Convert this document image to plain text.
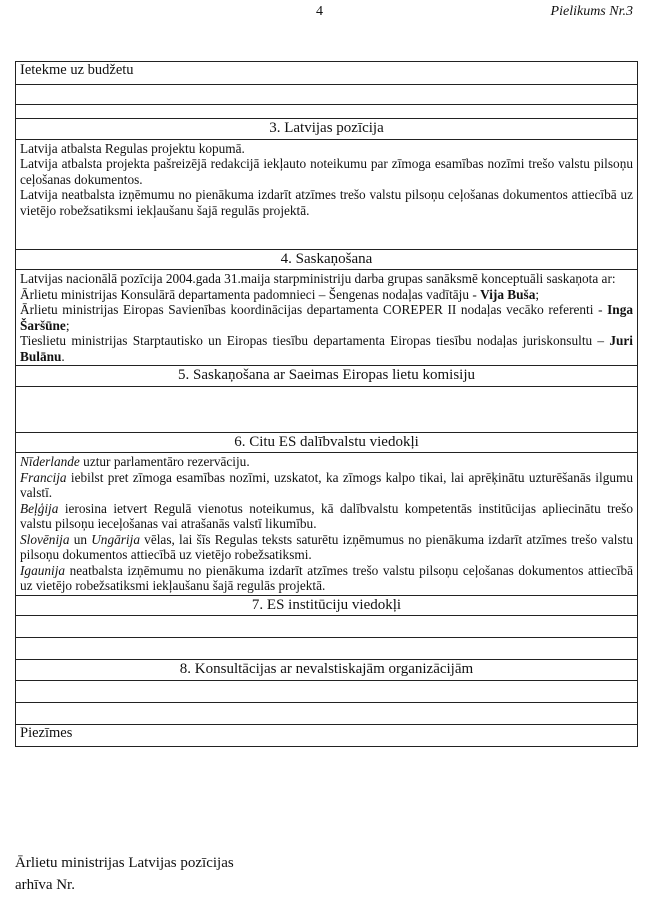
4	Pielikums Nr.3
Ietekme uz budžetu

3. Latvijas pozīcija

Latvija atbalsta Regulas projektu kopumā.

Latvija atbalsta projekta pašreizējā redakcijā iekļauto noteikumu par zīmoga esamības nozīmi trešo valstu pilsoņu ceļošanas dokumentos.

Latvija neatbalsta izņēmumu no pienākuma izdarīt atzīmes trešo valstu pilsoņu ceļošanas dokumentos attiecībā uz vietējo robežsatiksmi iekļaušanu šajā regulās projektā.

4. Saskaņošana

Latvijas nacionālā pozīcija 2004.gada 31.maija starpministriju darba grupas sanāksmē konceptuāli saskaņota ar:

Ārlietu ministrijas Konsulārā departamenta padomnieci – Šengenas nodaļas vadītāju - Vija Buša;

Ārlietu ministrijas Eiropas Savienības koordinācijas departamenta COREPER II nodaļas vecāko referenti - Inga Šaršūne;

Tieslietu ministrijas Starptautisko un Eiropas tiesību departamenta Eiropas tiesību nodaļas juriskonsultu – Juri Bulānu.

5. Saskaņošana ar Saeimas Eiropas lietu komisiju

6. Citu ES dalībvalstu viedokļi

Nīderlande uztur parlamentāro rezervāciju.

Francija iebilst pret zīmoga esamības nozīmi, uzskatot, ka zīmogs kalpo tikai, lai aprēķinātu uzturēšanās ilgumu valstī.

Beļģija ierosina ietvert Regulā vienotus noteikumus, kā dalībvalstu kompetentās institūcijas apliecinātu trešo valstu pilsoņu ieceļošanas vai atrašanās valstī likumību.

Slovēnija un Ungārija vēlas, lai šīs Regulas teksts saturētu izņēmumus no pienākuma izdarīt atzīmes trešo valstu pilsoņu dokumentos attiecībā uz vietējo robežsatiksmi.

Igaunija neatbalsta izņēmumu no pienākuma izdarīt atzīmes trešo valstu pilsoņu ceļošanas dokumentos attiecībā uz vietējo robežsatiksmi iekļaušanu šajā regulās projektā.

7. ES institūciju viedokļi

8. Konsultācijas ar nevalstiskajām organizācijām

Piezīmes
Ārlietu ministrijas Latvijas pozīcijas
arhīva Nr.
